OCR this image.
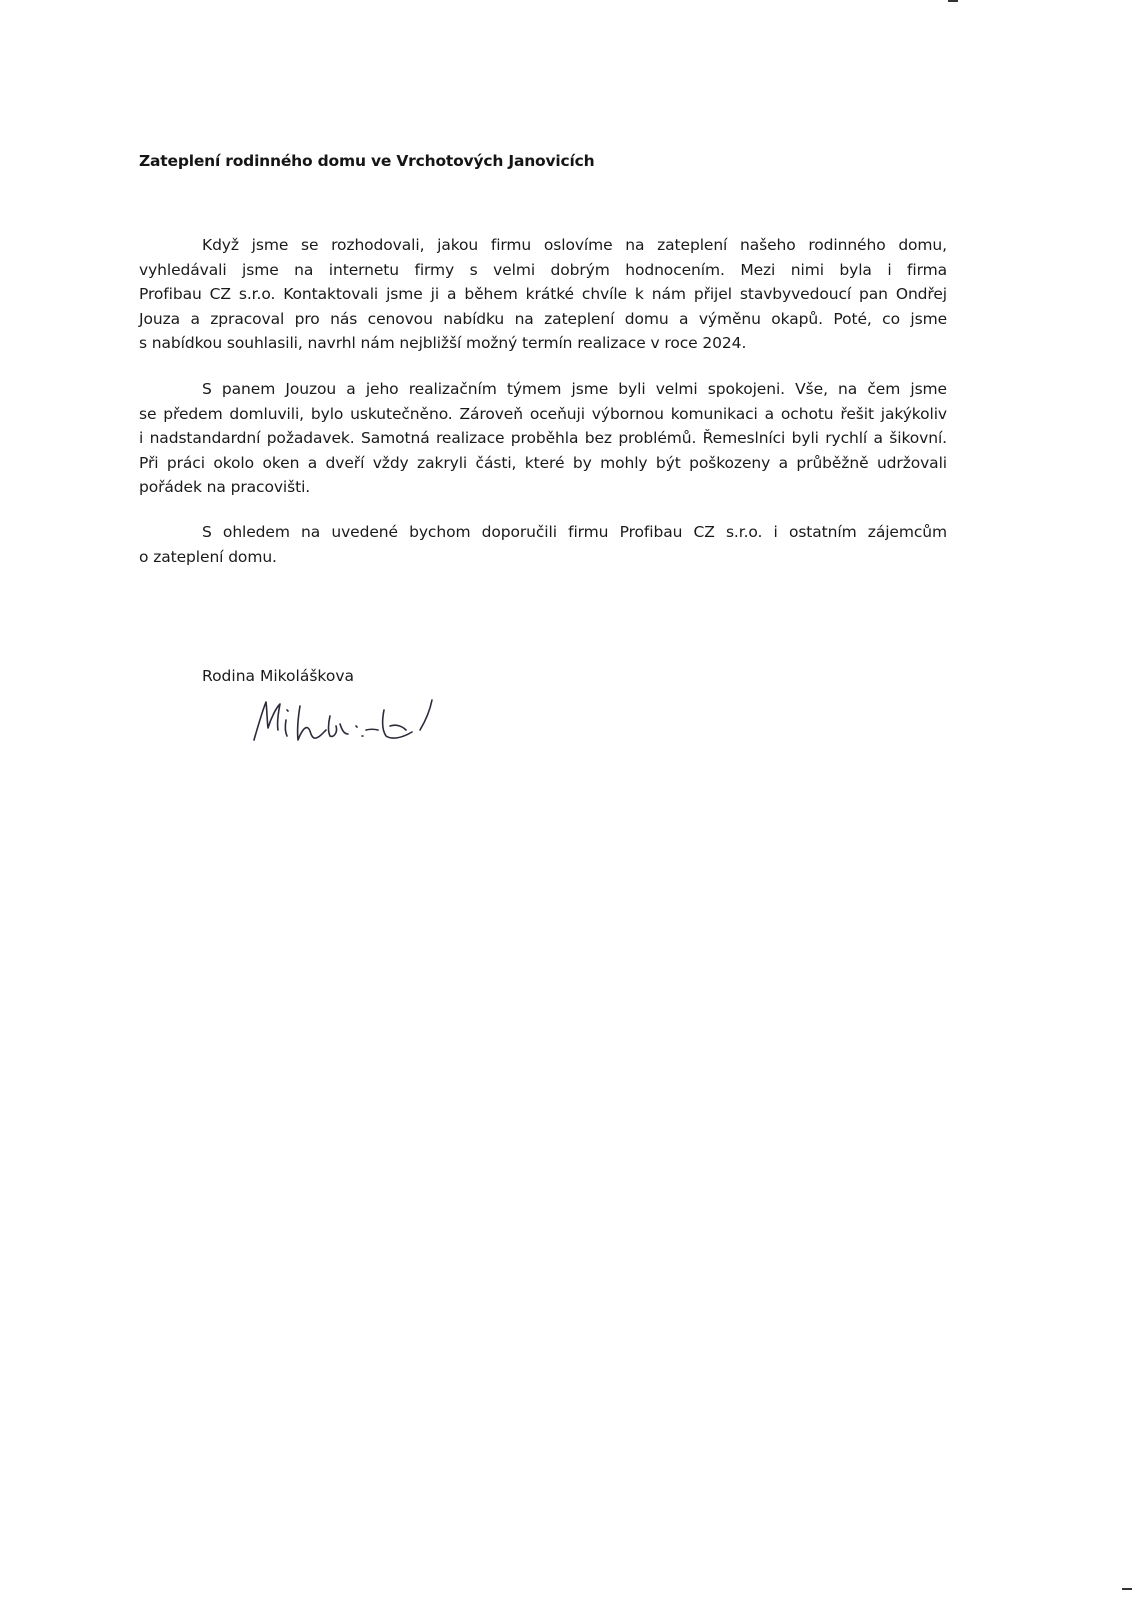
Zateplení rodinného domu ve Vrchotových Janovicích
Když jsme se rozhodovali, jakou firmu oslovíme na zateplení našeho rodinného domu,
vyhledávali jsme na internetu firmy s velmi dobrým hodnocením. Mezi nimi byla i firma
Profibau CZ s.r.o. Kontaktovali jsme ji a během krátké chvíle k nám přijel stavbyvedoucí pan Ondřej
Jouza a zpracoval pro nás cenovou nabídku na zateplení domu a výměnu okapů. Poté, co jsme
s nabídkou souhlasili, navrhl nám nejbližší možný termín realizace v roce 2024.
S panem Jouzou a jeho realizačním týmem jsme byli velmi spokojeni. Vše, na čem jsme
se předem domluvili, bylo uskutečněno. Zároveň oceňuji výbornou komunikaci a ochotu řešit jakýkoliv
i nadstandardní požadavek. Samotná realizace proběhla bez problémů. Řemeslníci byli rychlí a šikovní.
Při práci okolo oken a dveří vždy zakryli části, které by mohly být poškozeny a průběžně udržovali
pořádek na pracovišti.
S ohledem na uvedené bychom doporučili firmu Profibau CZ s.r.o. i ostatním zájemcům
o zateplení domu.
Rodina Mikoláškova
